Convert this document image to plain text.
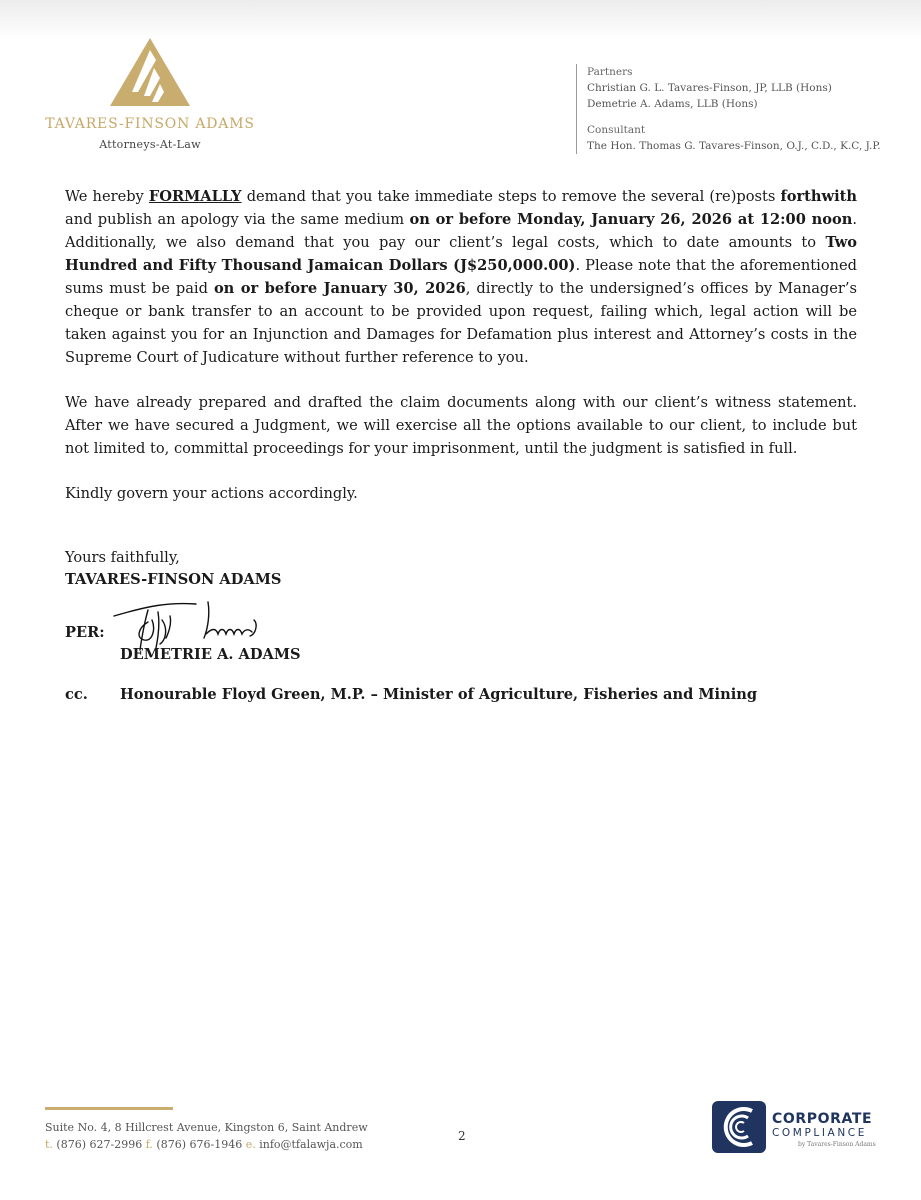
TAVARES-FINSON ADAMS
Attorneys-At-Law
Partners
Christian G. L. Tavares-Finson, JP, LLB (Hons)
Demetrie A. Adams, LLB (Hons)
Consultant
The Hon. Thomas G. Tavares-Finson, O.J., C.D., K.C, J.P.

We hereby FORMALLY demand that you take immediate steps to remove the several (re)posts forthwith and publish an apology via the same medium on or before Monday, January 26, 2026 at 12:00 noon. Additionally, we also demand that you pay our client’s legal costs, which to date amounts to Two Hundred and Fifty Thousand Jamaican Dollars (J$250,000.00). Please note that the aforementioned sums must be paid on or before January 30, 2026, directly to the undersigned’s offices by Manager’s cheque or bank transfer to an account to be provided upon request, failing which, legal action will be taken against you for an Injunction and Damages for Defamation plus interest and Attorney’s costs in the Supreme Court of Judicature without further reference to you.

We have already prepared and drafted the claim documents along with our client’s witness statement. After we have secured a Judgment, we will exercise all the options available to our client, to include but not limited to, committal proceedings for your imprisonment, until the judgment is satisfied in full.

Kindly govern your actions accordingly.

Yours faithfully,
TAVARES-FINSON ADAMS
PER:
DEMETRIE A. ADAMS
cc. Honourable Floyd Green, M.P. – Minister of Agriculture, Fisheries and Mining
Suite No. 4, 8 Hillcrest Avenue, Kingston 6, Saint Andrew
t. (876) 627-2996 f. (876) 676-1946 e. info@tfalawja.com
2
CORPORATE
COMPLIANCE
by Tavares-Finson Adams
